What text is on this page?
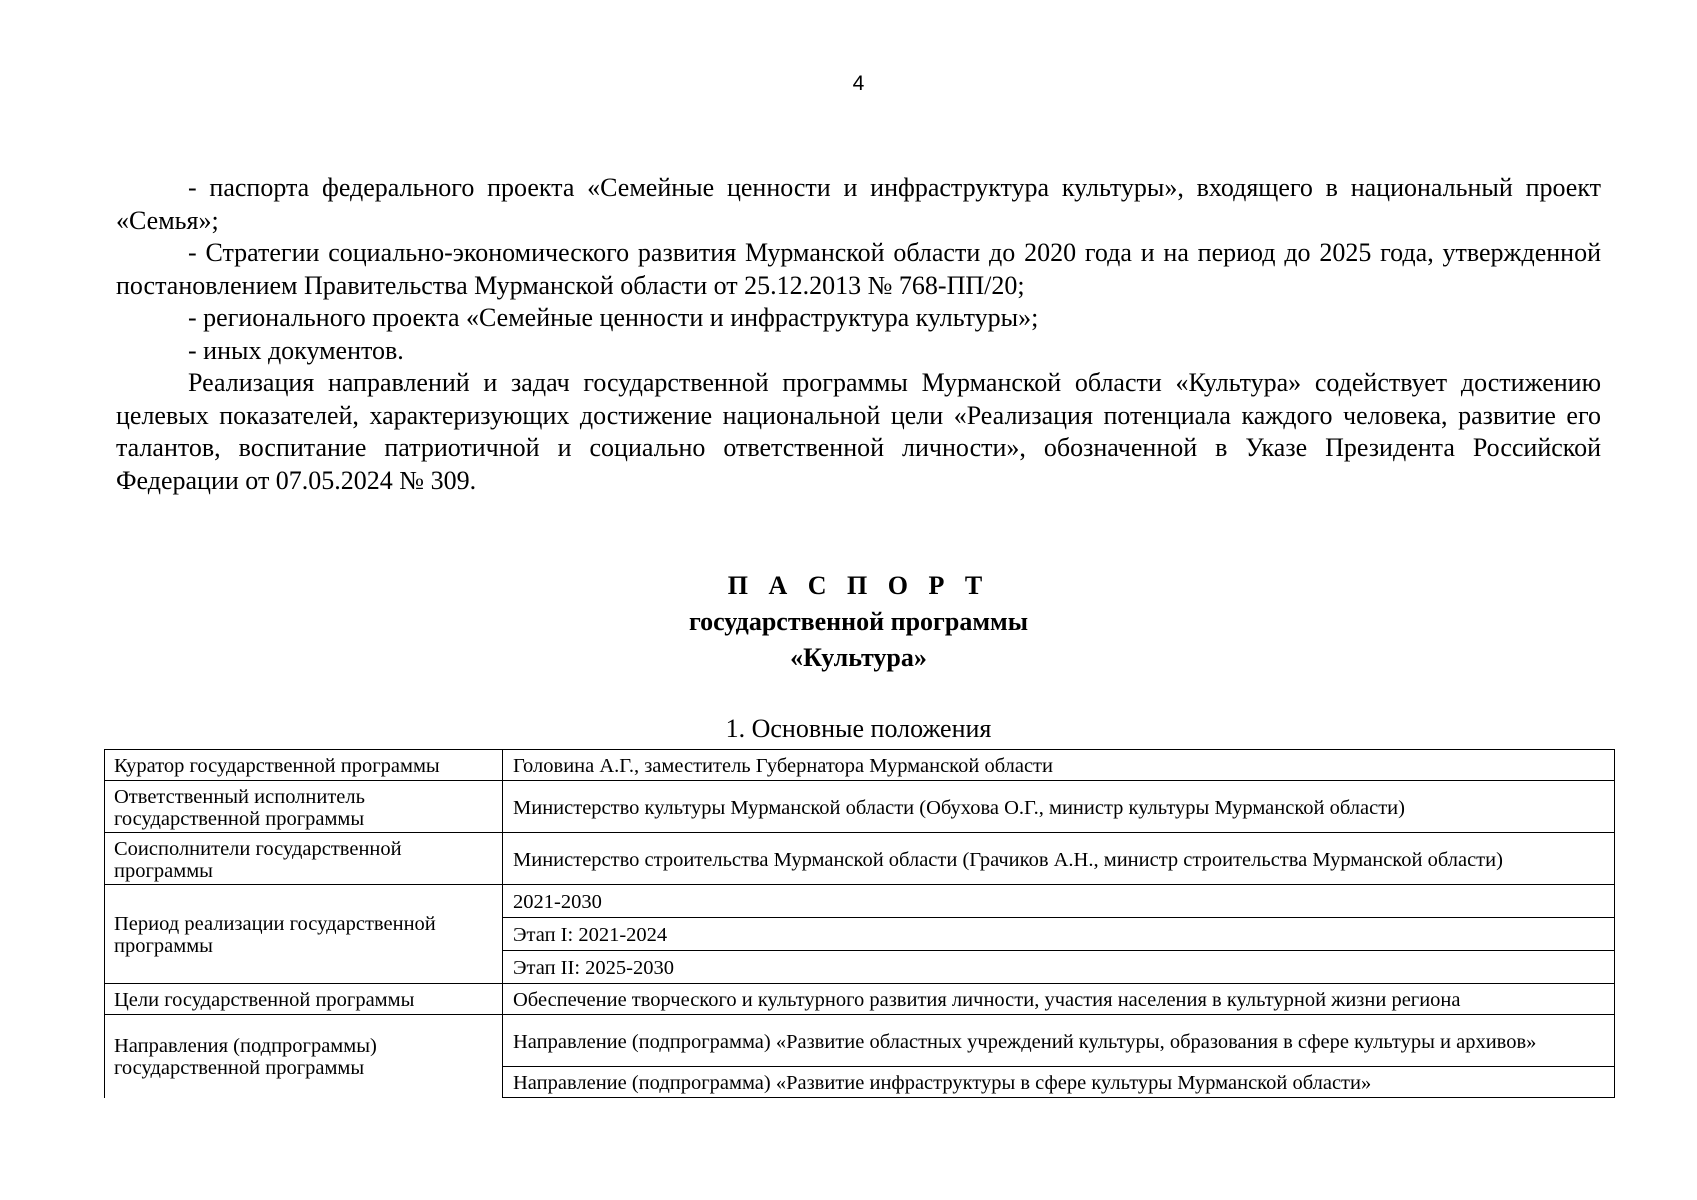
4

- паспорта федерального проекта «Семейные ценности и инфраструктура культуры», входящего в национальный проект «Семья»;

- Стратегии социально-экономического развития Мурманской области до 2020 года и на период до 2025 года, утвержденной постановлением Правительства Мурманской области от 25.12.2013 № 768-ПП/20;

- регионального проекта «Семейные ценности и инфраструктура культуры»;

- иных документов.

Реализация направлений и задач государственной программы Мурманской области «Культура» содействует достижению целевых показателей, характеризующих достижение национальной цели «Реализация потенциала каждого человека, развитие его талантов, воспитание патриотичной и социально ответственной личности», обозначенной в Указе Президента Российской Федерации от 07.05.2024 № 309.

П А С П О Р Т
государственной программы
«Культура»
1. Основные положения
Куратор государственной программы	Головина А.Г., заместитель Губернатора Мурманской области
Ответственный исполнитель государственной программы	Министерство культуры Мурманской области (Обухова О.Г., министр культуры Мурманской области)
Соисполнители государственной программы	Министерство строительства Мурманской области (Грачиков А.Н., министр строительства Мурманской области)
Период реализации государственной программы	2021-2030
	Этап I: 2021-2024
	Этап II: 2025-2030
Цели государственной программы	Обеспечение творческого и культурного развития личности, участия населения в культурной жизни региона
Направления (подпрограммы) государственной программы	Направление (подпрограмма) «Развитие областных учреждений культуры, образования в сфере культуры и архивов»
	Направление (подпрограмма) «Развитие инфраструктуры в сфере культуры Мурманской области»
